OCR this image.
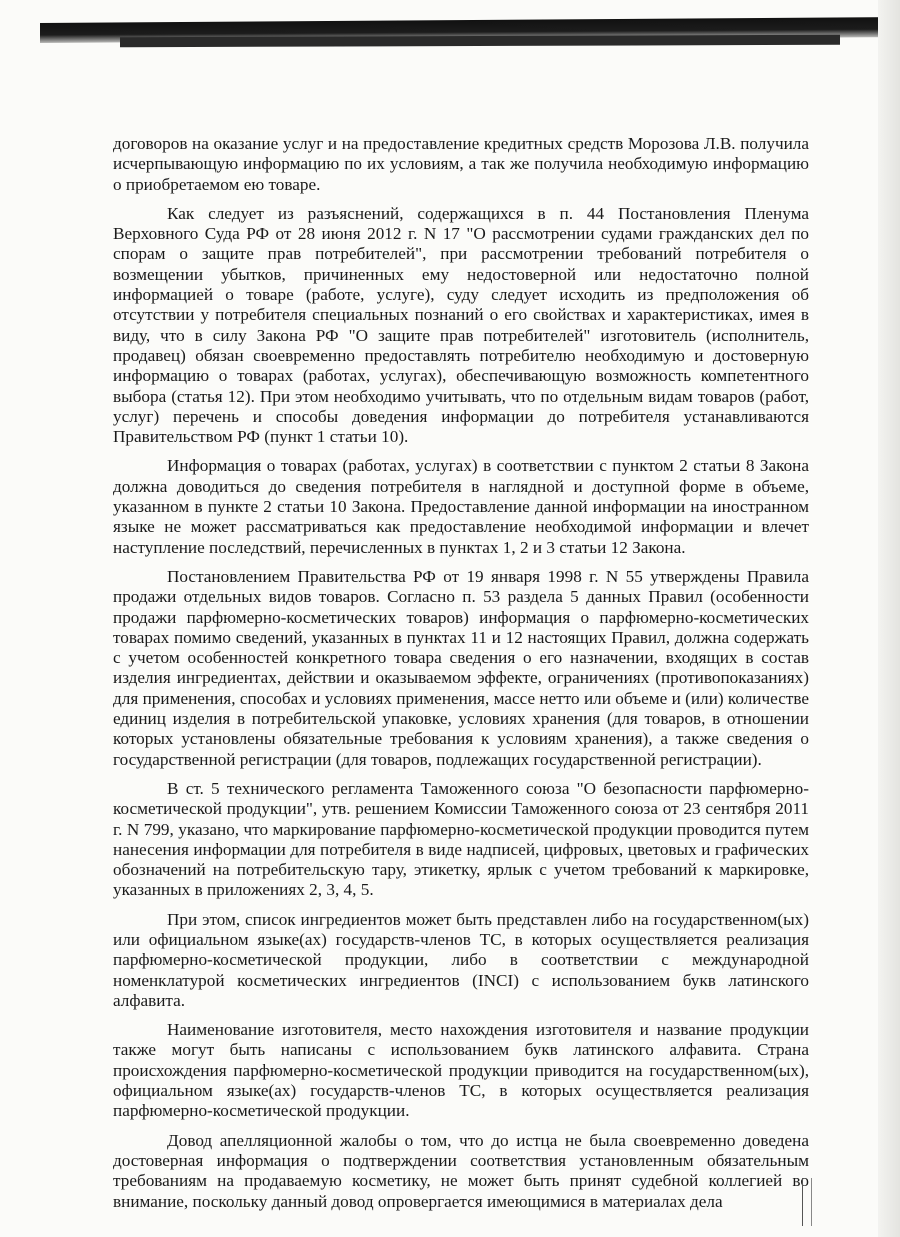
договоров на оказание услуг и на предоставление кредитных средств Морозова Л.В. получила исчерпывающую информацию по их условиям, а так же получила необходимую информацию о приобретаемом ею товаре.

Как следует из разъяснений, содержащихся в п. 44 Постановления Пленума Верховного Суда РФ от 28 июня 2012 г. N 17 "О рассмотрении судами гражданских дел по спорам о защите прав потребителей", при рассмотрении требований потребителя о возмещении убытков, причиненных ему недостоверной или недостаточно полной информацией о товаре (работе, услуге), суду следует исходить из предположения об отсутствии у потребителя специальных познаний о его свойствах и характеристиках, имея в виду, что в силу Закона РФ "О защите прав потребителей" изготовитель (исполнитель, продавец) обязан своевременно предоставлять потребителю необходимую и достоверную информацию о товарах (работах, услугах), обеспечивающую возможность компетентного выбора (статья 12). При этом необходимо учитывать, что по отдельным видам товаров (работ, услуг) перечень и способы доведения информации до потребителя устанавливаются Правительством РФ (пункт 1 статьи 10).

Информация о товарах (работах, услугах) в соответствии с пунктом 2 статьи 8 Закона должна доводиться до сведения потребителя в наглядной и доступной форме в объеме, указанном в пункте 2 статьи 10 Закона. Предоставление данной информации на иностранном языке не может рассматриваться как предоставление необходимой информации и влечет наступление последствий, перечисленных в пунктах 1, 2 и 3 статьи 12 Закона.

Постановлением Правительства РФ от 19 января 1998 г. N 55 утверждены Правила продажи отдельных видов товаров. Согласно п. 53 раздела 5 данных Правил (особенности продажи парфюмерно-косметических товаров) информация о парфюмерно-косметических товарах помимо сведений, указанных в пунктах 11 и 12 настоящих Правил, должна содержать с учетом особенностей конкретного товара сведения о его назначении, входящих в состав изделия ингредиентах, действии и оказываемом эффекте, ограничениях (противопоказаниях) для применения, способах и условиях применения, массе нетто или объеме и (или) количестве единиц изделия в потребительской упаковке, условиях хранения (для товаров, в отношении которых установлены обязательные требования к условиям хранения), а также сведения о государственной регистрации (для товаров, подлежащих государственной регистрации).

В ст. 5 технического регламента Таможенного союза "О безопасности парфюмерно-косметической продукции", утв. решением Комиссии Таможенного союза от 23 сентября 2011 г. N 799, указано, что маркирование парфюмерно-косметической продукции проводится путем нанесения информации для потребителя в виде надписей, цифровых, цветовых и графических обозначений на потребительскую тару, этикетку, ярлык с учетом требований к маркировке, указанных в приложениях 2, 3, 4, 5.

При этом, список ингредиентов может быть представлен либо на государственном(ых) или официальном языке(ах) государств-членов ТС, в которых осуществляется реализация парфюмерно-косметической продукции, либо в соответствии с международной номенклатурой косметических ингредиентов (INCI) с использованием букв латинского алфавита.

Наименование изготовителя, место нахождения изготовителя и название продукции также могут быть написаны с использованием букв латинского алфавита. Страна происхождения парфюмерно-косметической продукции приводится на государственном(ых), официальном языке(ах) государств-членов ТС, в которых осуществляется реализация парфюмерно-косметической продукции.

Довод апелляционной жалобы о том, что до истца не была своевременно доведена достоверная информация о подтверждении соответствия установленным обязательным требованиям на продаваемую косметику, не может быть принят судебной коллегией во внимание, поскольку данный довод опровергается имеющимися в материалах дела
